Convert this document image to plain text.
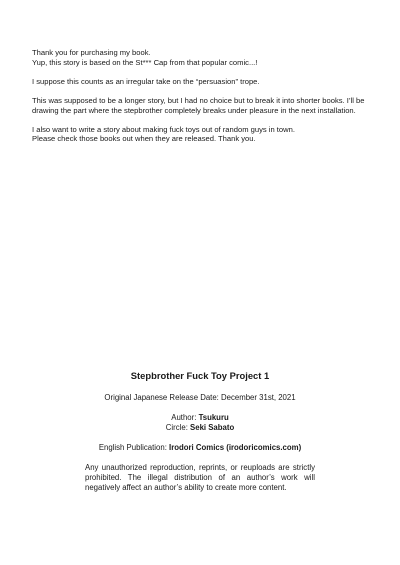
Thank you for purchasing my book.
Yup, this story is based on the St*** Cap from that popular comic...!

I suppose this counts as an irregular take on the “persuasion” trope.

This was supposed to be a longer story, but I had no choice but to break it into shorter books. I’ll be drawing the part where the stepbrother completely breaks under pleasure in the next installation.

I also want to write a story about making fuck toys out of random guys in town.
Please check those books out when they are released. Thank you.

Stepbrother Fuck Toy Project 1

Original Japanese Release Date: December 31st, 2021

Author: Tsukuru

Circle: Seki Sabato

English Publication: Irodori Comics (irodoricomics.com)

Any unauthorized reproduction, reprints, or reuploads are strictly prohibited. The illegal distribution of an author’s work will negatively affect an author’s ability to create more content.
